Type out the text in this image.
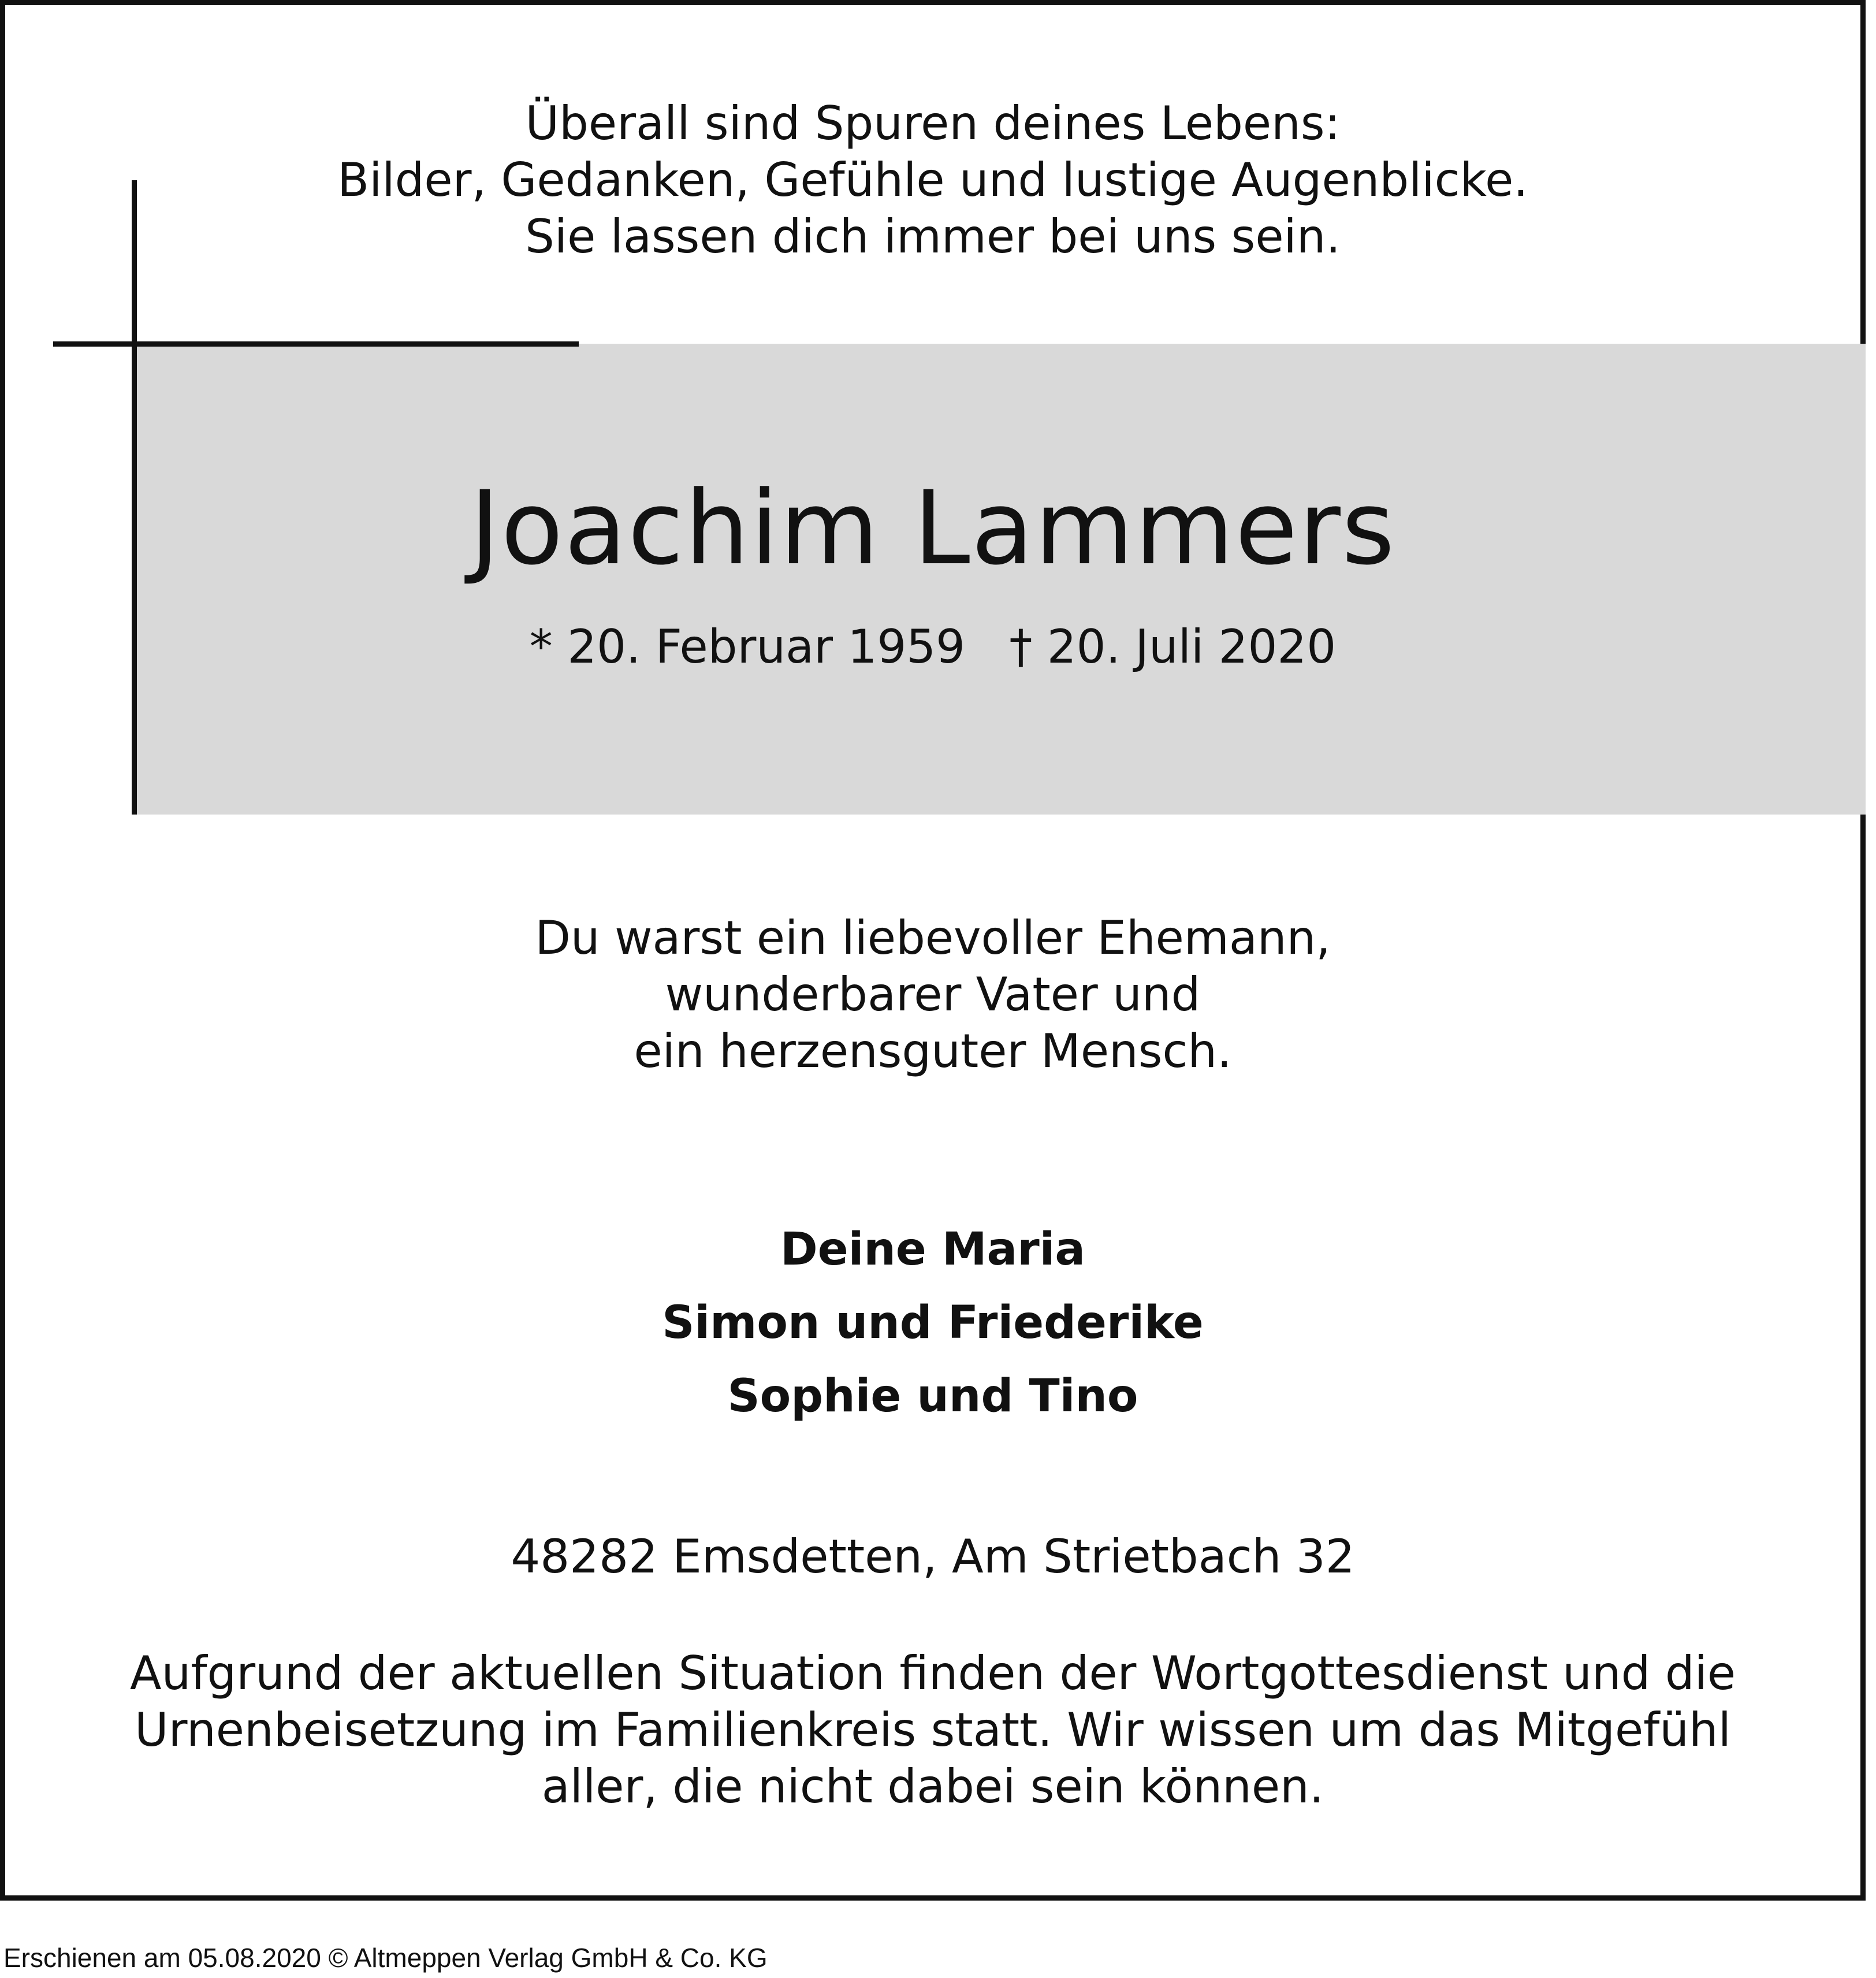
Überall sind Spuren deines Lebens:
Bilder, Gedanken, Gefühle und lustige Augenblicke.
Sie lassen dich immer bei uns sein.
Joachim Lammers
* 20. Februar 1959   † 20. Juli 2020
Du warst ein liebevoller Ehemann,
wunderbarer Vater und
ein herzensguter Mensch.
Deine Maria
Simon und Friederike
Sophie und Tino
48282 Emsdetten, Am Strietbach 32
Aufgrund der aktuellen Situation finden der Wortgottesdienst und die
Urnenbeisetzung im Familienkreis statt. Wir wissen um das Mitgefühl
aller, die nicht dabei sein können.
Erschienen am 05.08.2020 © Altmeppen Verlag GmbH & Co. KG
